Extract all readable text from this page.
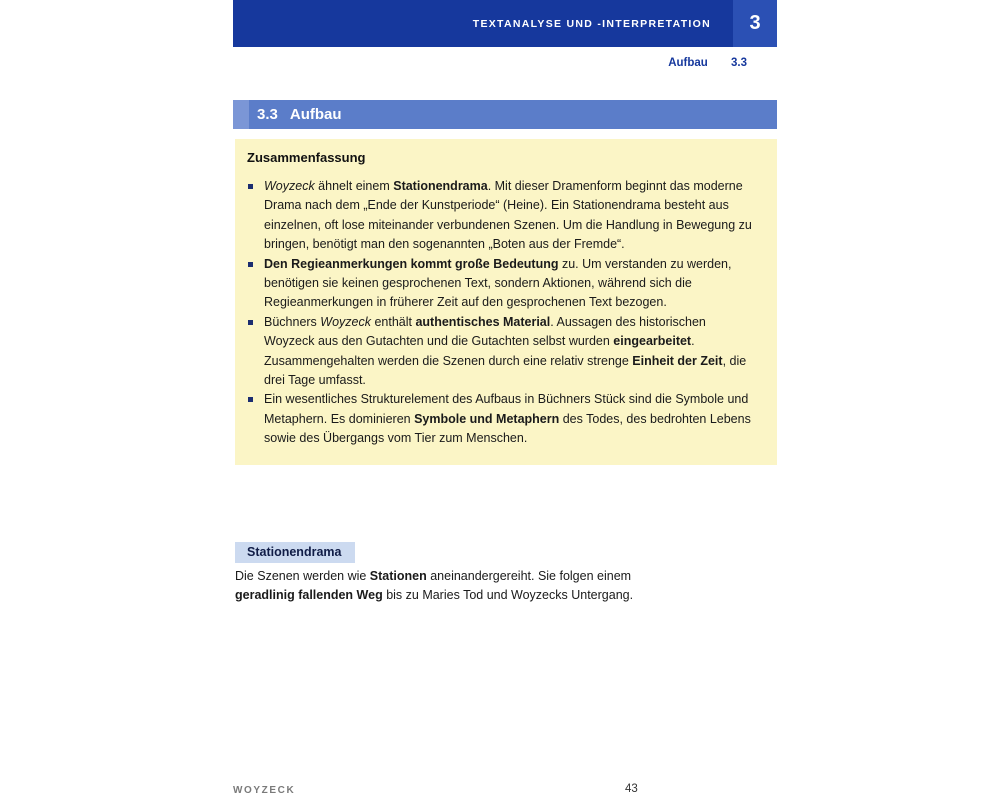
TEXTANALYSE UND -INTERPRETATION	3
Aufbau 3.3
3.3 Aufbau
Zusammenfassung
Woyzeck ähnelt einem Stationendrama. Mit dieser Dramenform beginnt das moderne Drama nach dem „Ende der Kunstperiode“ (Heine). Ein Stationendrama besteht aus einzelnen, oft lose miteinander verbundenen Szenen. Um die Handlung in Bewegung zu bringen, benötigt man den sogenannten „Boten aus der Fremde“.
Den Regieanmerkungen kommt große Bedeutung zu. Um verstanden zu werden, benötigen sie keinen gesprochenen Text, sondern Aktionen, während sich die Regieanmerkungen in früherer Zeit auf den gesprochenen Text bezogen.
Büchners Woyzeck enthält authentisches Material. Aussagen des historischen Woyzeck aus den Gutachten und die Gutachten selbst wurden eingearbeitet. Zusammengehalten werden die Szenen durch eine relativ strenge Einheit der Zeit, die drei Tage umfasst.
Ein wesentliches Strukturelement des Aufbaus in Büchners Stück sind die Symbole und Metaphern. Es dominieren Symbole und Metaphern des Todes, des bedrohten Lebens sowie des Übergangs vom Tier zum Menschen.
Stationendrama

Die Szenen werden wie Stationen aneinandergereiht. Sie folgen einem geradlinig fallenden Weg bis zu Maries Tod und Woyzecks Untergang.

WOYZECK	43
